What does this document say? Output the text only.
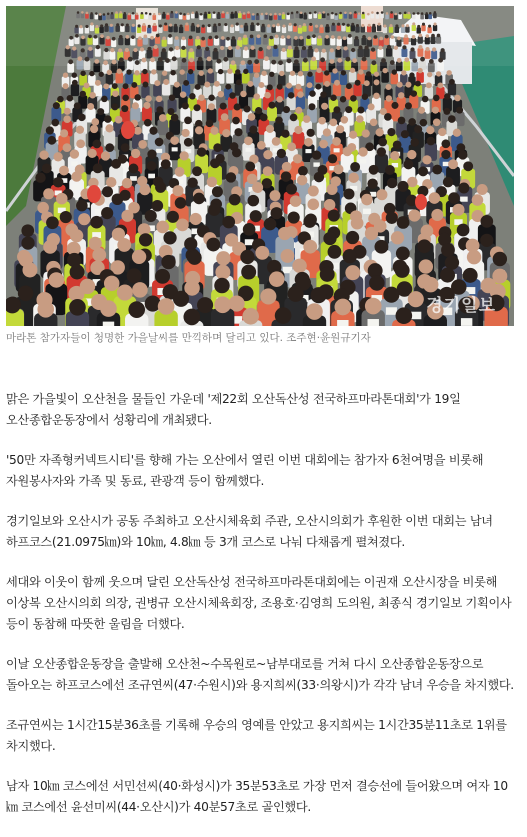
경기일보
마라톤 참가자들이 청명한 가을날씨를 만끽하며 달리고 있다. 조주현·윤원규기자

맑은 가을빛이 오산천을 물들인 가운데 '제22회 오산독산성 전국하프마라톤대회'가 19일 오산종합운동장에서 성황리에 개최됐다.

'50만 자족형커넥트시티'를 향해 가는 오산에서 열린 이번 대회에는 참가자 6천여명을 비롯해 자원봉사자와 가족 및 동료, 관광객 등이 함께했다.

경기일보와 오산시가 공동 주최하고 오산시체육회 주관, 오산시의회가 후원한 이번 대회는 남녀 하프코스(21.0975㎞)와 10㎞, 4.8㎞ 등 3개 코스로 나눠 다채롭게 펼쳐졌다.

세대와 이웃이 함께 웃으며 달린 오산독산성 전국하프마라톤대회에는 이권재 오산시장을 비롯해 이상복 오산시의회 의장, 권병규 오산시체육회장, 조용호·김영희 도의원, 최종식 경기일보 기획이사 등이 동참해 따뜻한 울림을 더했다.

이날 오산종합운동장을 출발해 오산천~수목원로~남부대로를 거쳐 다시 오산종합운동장으로 돌아오는 하프코스에선 조규연씨(47·수원시)와 용지희씨(33·의왕시)가 각각 남녀 우승을 차지했다.

조규연씨는 1시간15분36초를 기록해 우승의 영예를 안았고 용지희씨는 1시간35분11초로 1위를 차지했다.

남자 10㎞ 코스에선 서민선씨(40·화성시)가 35분53초로 가장 먼저 결승선에 들어왔으며 여자 10㎞ 코스에선 윤선미씨(44·오산시)가 40분57초로 골인했다.
